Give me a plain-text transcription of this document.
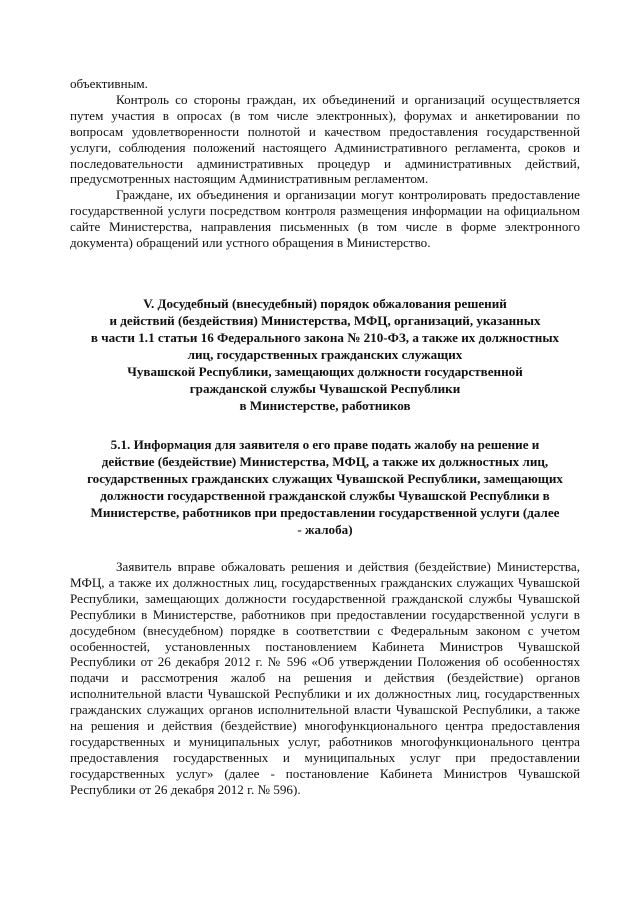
объективным.

Контроль со стороны граждан, их объединений и организаций осуществляется путем участия в опросах (в том числе электронных), форумах и анкетировании по вопросам удовлетворенности полнотой и качеством предоставления государственной услуги, соблюдения положений настоящего Административного регламента, сроков и последовательности административных процедур и административных действий, предусмотренных настоящим Административным регламентом.

Граждане, их объединения и организации могут контролировать предоставление государственной услуги посредством контроля размещения информации на официальном сайте Министерства, направления письменных (в том числе в форме электронного документа) обращений или устного обращения в Министерство.

V. Досудебный (внесудебный) порядок обжалования решений
и действий (бездействия) Министерства, МФЦ, организаций, указанных
в части 1.1 статьи 16 Федерального закона № 210-ФЗ, а также их должностных
лиц, государственных гражданских служащих
Чувашской Республики, замещающих должности государственной
гражданской службы Чувашской Республики
в Министерстве, работников
5.1. Информация для заявителя о его праве подать жалобу на решение и
действие (бездействие) Министерства, МФЦ, а также их должностных лиц,
государственных гражданских служащих Чувашской Республики, замещающих
должности государственной гражданской службы Чувашской Республики в
Министерстве, работников при предоставлении государственной услуги (далее
- жалоба)

Заявитель вправе обжаловать решения и действия (бездействие) Министерства, МФЦ, а также их должностных лиц, государственных гражданских служащих Чувашской Республики, замещающих должности государственной гражданской службы Чувашской Республики в Министерстве, работников при предоставлении государственной услуги в досудебном (внесудебном) порядке в соответствии с Федеральным законом с учетом особенностей, установленных постановлением Кабинета Министров Чувашской Республики от 26 декабря 2012 г. № 596 «Об утверждении Положения об особенностях подачи и рассмотрения жалоб на решения и действия (бездействие) органов исполнительной власти Чувашской Республики и их должностных лиц, государственных гражданских служащих органов исполнительной власти Чувашской Республики, а также на решения и действия (бездействие) многофункционального центра предоставления государственных и муниципальных услуг, работников многофункционального центра предоставления государственных и муниципальных услуг при предоставлении государственных услуг» (далее - постановление Кабинета Министров Чувашской Республики от 26 декабря 2012 г. № 596).
